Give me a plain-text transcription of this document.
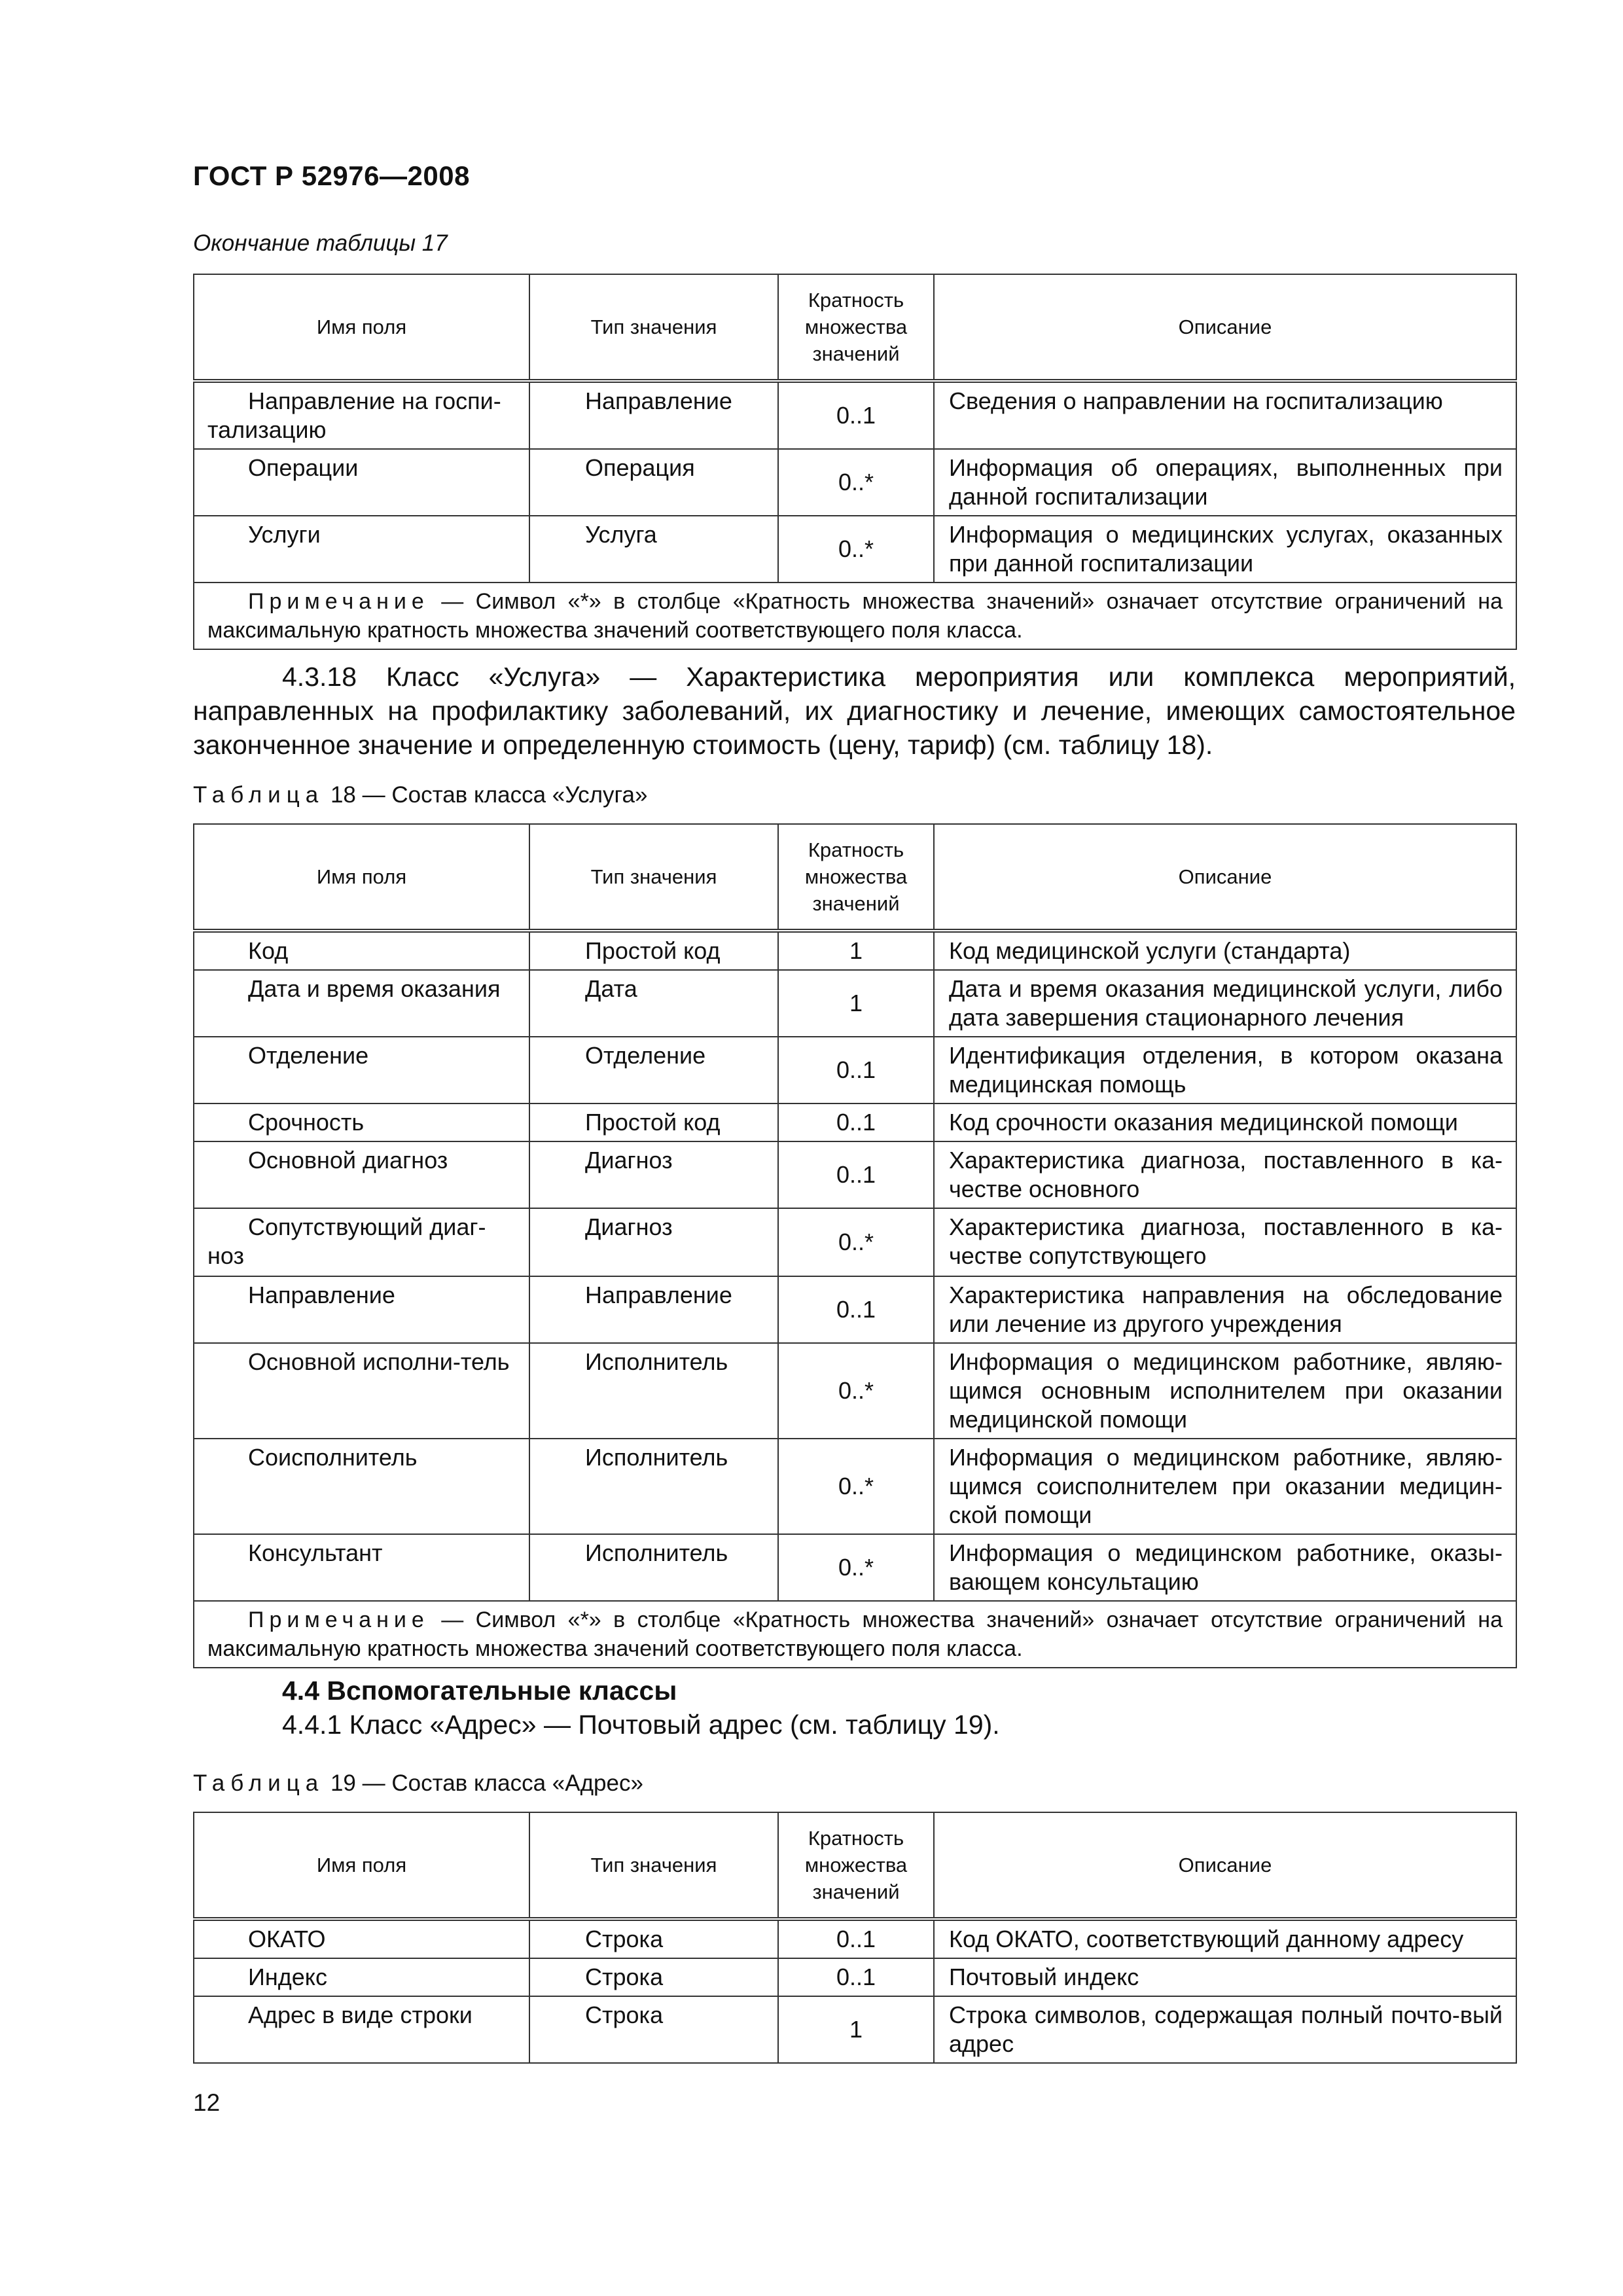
ГОСТ Р 52976—2008
Окончание таблицы 17
Имя поля	Тип значения	Кратность множества значений	Описание
Направление на госпи-тализацию	Направление	0..1	Сведения о направлении на госпитализацию
Операции	Операция	0..*	Информация об операциях, выполненных при данной госпитализации
Услуги	Услуга	0..*	Информация о медицинских услугах, оказанных при данной госпитализации
Примечание — Символ «*» в столбце «Кратность множества значений» означает отсутствие ограничений на максимальную кратность множества значений соответствующего поля класса.			
4.3.18 Класс «Услуга» — Характеристика мероприятия или комплекса мероприятий, направленных на профилактику заболеваний, их диагностику и лечение, имеющих самостоятельное законченное значение и определенную стоимость (цену, тариф) (см. таблицу 18).
Таблица 18 — Состав класса «Услуга»
Имя поля	Тип значения	Кратность множества значений	Описание
Код	Простой код	1	Код медицинской услуги (стандарта)
Дата и время оказания	Дата	1	Дата и время оказания медицинской услуги, либо дата завершения стационарного лечения
Отделение	Отделение	0..1	Идентификация отделения, в котором оказана медицинская помощь
Срочность	Простой код	0..1	Код срочности оказания медицинской помощи
Основной диагноз	Диагноз	0..1	Характеристика диагноза, поставленного в ка-честве основного
Сопутствующий диаг-ноз	Диагноз	0..*	Характеристика диагноза, поставленного в ка-честве сопутствующего
Направление	Направление	0..1	Характеристика направления на обследование или лечение из другого учреждения
Основной исполни-тель	Исполнитель	0..*	Информация о медицинском работнике, являю-щимся основным исполнителем при оказании медицинской помощи
Соисполнитель	Исполнитель	0..*	Информация о медицинском работнике, являю-щимся соисполнителем при оказании медицин-ской помощи
Консультант	Исполнитель	0..*	Информация о медицинском работнике, оказы-вающем консультацию
Примечание — Символ «*» в столбце «Кратность множества значений» означает отсутствие ограничений на максимальную кратность множества значений соответствующего поля класса.			
4.4 Вспомогательные классы
4.4.1 Класс «Адрес» — Почтовый адрес (см. таблицу 19).
Таблица 19 — Состав класса «Адрес»
Имя поля	Тип значения	Кратность множества значений	Описание
ОКАТО	Строка	0..1	Код ОКАТО, соответствующий данному адресу
Индекс	Строка	0..1	Почтовый индекс
Адрес в виде строки	Строка	1	Строка символов, содержащая полный почто-вый адрес
12
